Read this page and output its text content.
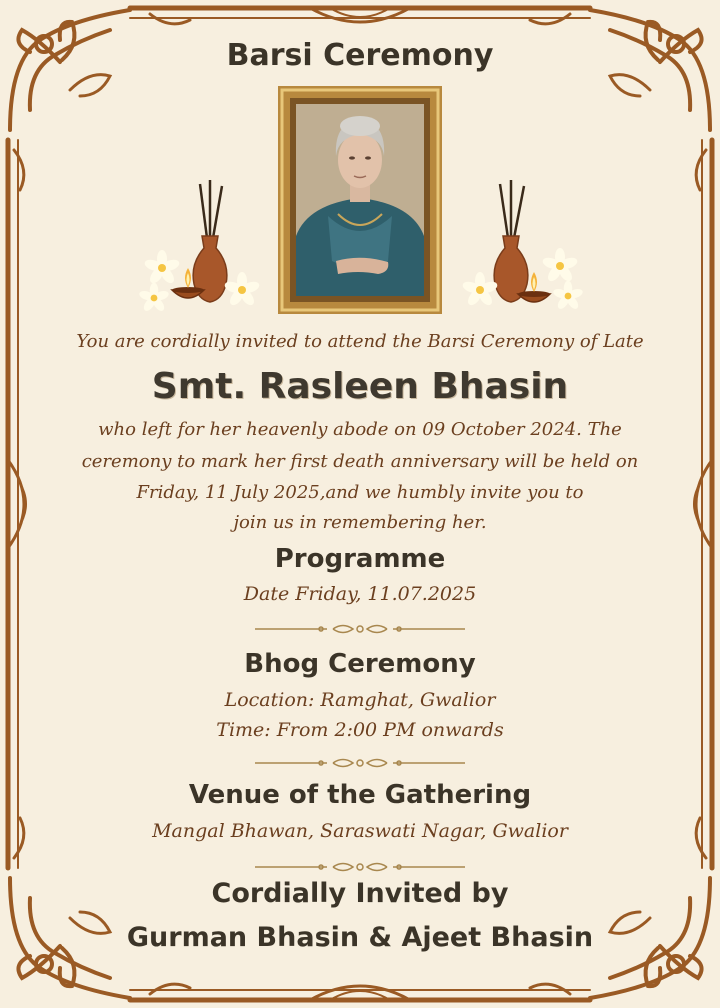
Barsi Ceremony
You are cordially invited to attend the Barsi Ceremony of Late
Smt. Rasleen Bhasin
who left for her heavenly abode on 09 October 2024. The
ceremony to mark her first death anniversary will be held on
Friday, 11 July 2025,and we humbly invite you to
join us in remembering her.
Programme
Date Friday, 11.07.2025
Bhog Ceremony
Location: Ramghat, Gwalior
Time: From 2:00 PM onwards
Venue of the Gathering
Mangal Bhawan, Saraswati Nagar, Gwalior
Cordially Invited by
Gurman Bhasin & Ajeet Bhasin
